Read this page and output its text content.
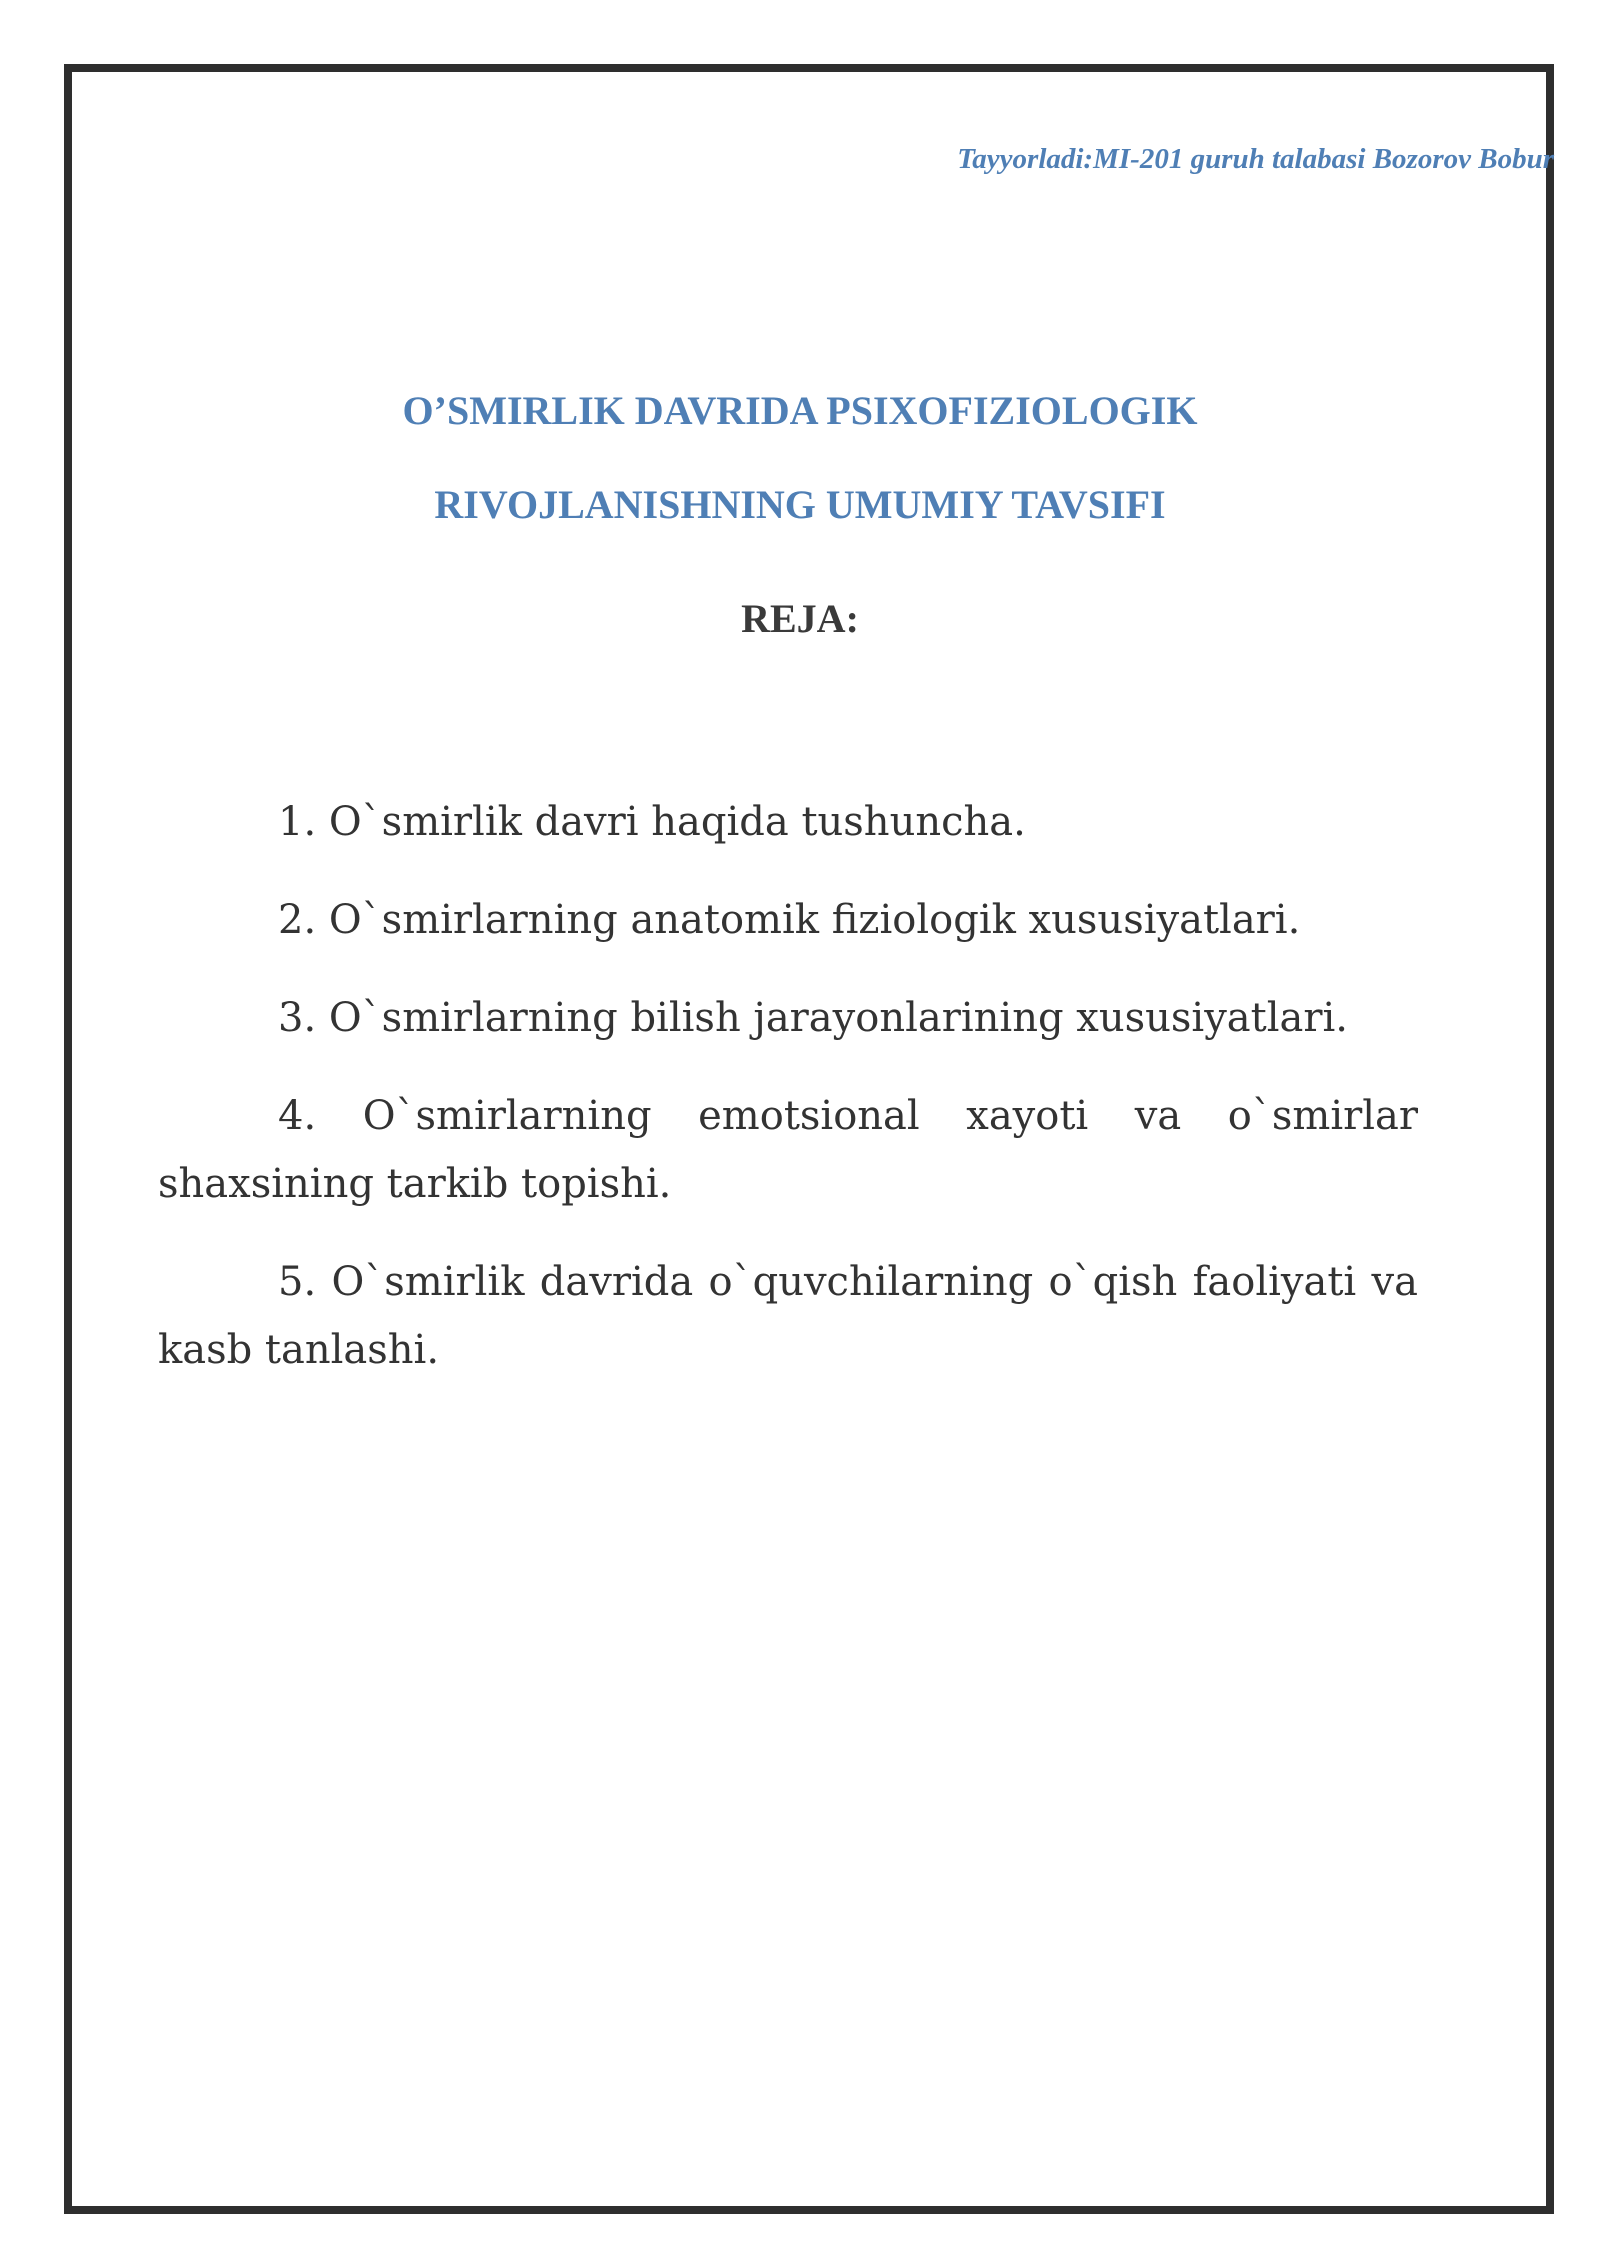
Tayyorladi:MI-201 guruh talabasi Bozorov Bobur

O’SMIRLIK DAVRIDA PSIXOFIZIOLOGIK
RIVOJLANISHNING UMUMIY TAVSIFI
REJA:
1. O`smirlik davri haqida tushuncha.
2. O`smirlarning anatomik fiziologik xususiyatlari.
3. O`smirlarning bilish jarayonlarining xususiyatlari.
4. O`smirlarning emotsional xayoti va o`smirlar shaxsining tarkib topishi.
5. O`smirlik davrida o`quvchilarning o`qish faoliyati va kasb tanlashi.
